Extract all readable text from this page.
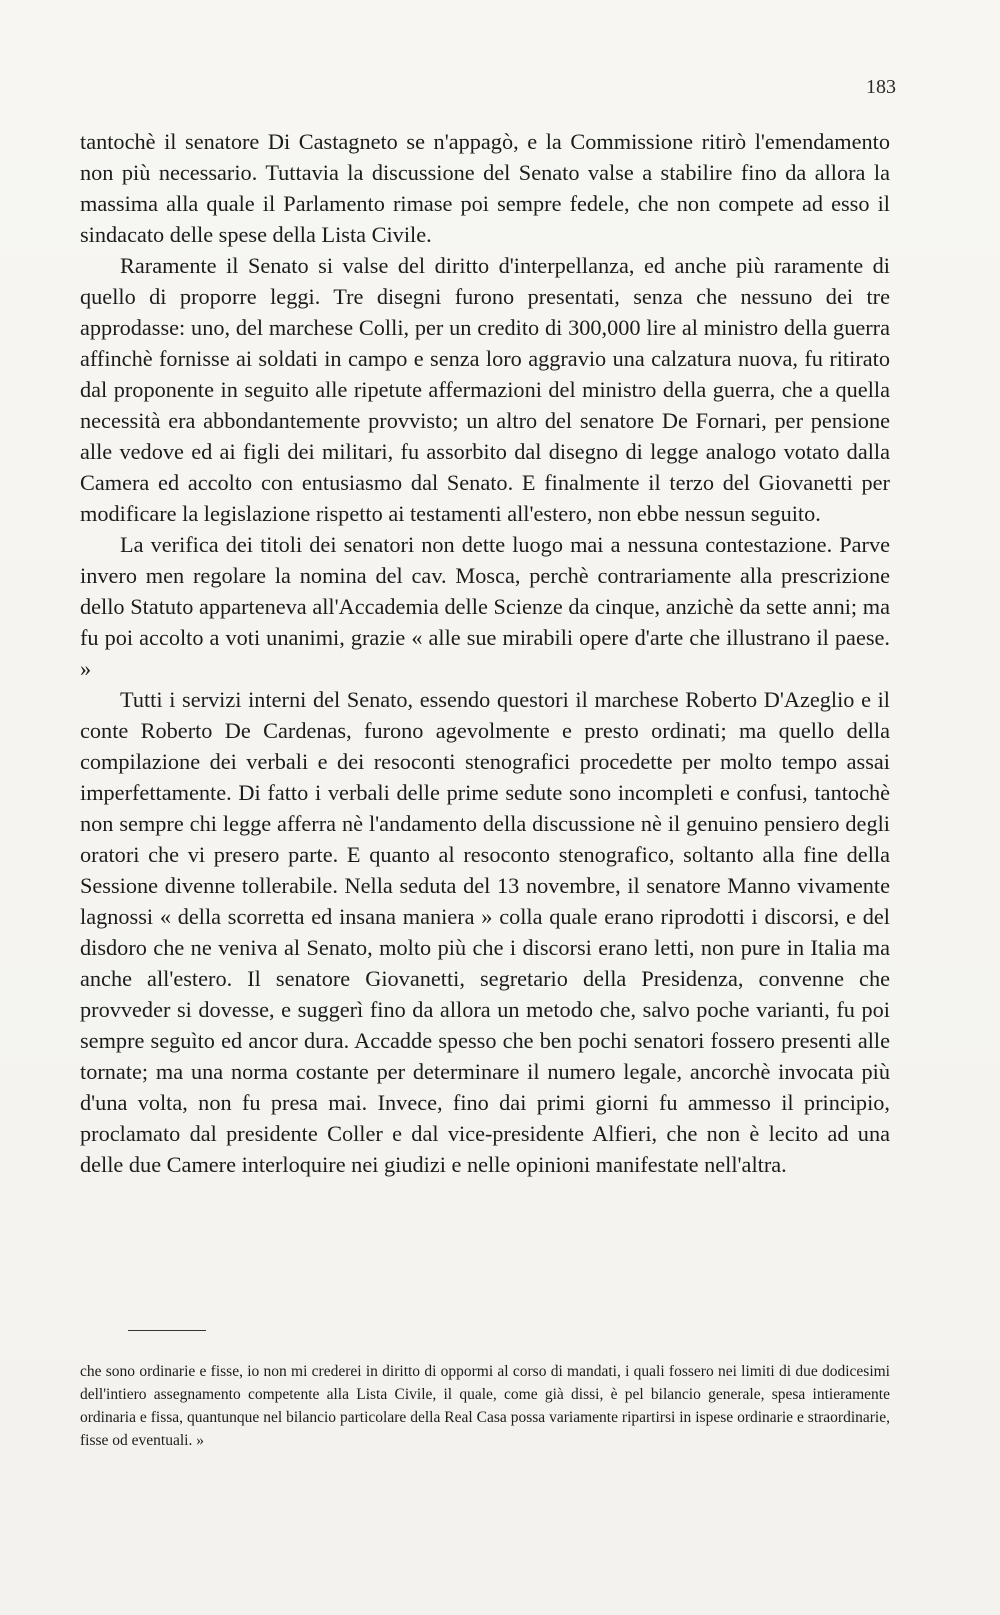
183

tantochè il senatore Di Castagneto se n'appagò, e la Commissione ritirò l'emendamento non più necessario. Tuttavia la discussione del Senato valse a stabilire fino da allora la massima alla quale il Parlamento rimase poi sempre fedele, che non compete ad esso il sindacato delle spese della Lista Civile.

Raramente il Senato si valse del diritto d'interpellanza, ed anche più raramente di quello di proporre leggi. Tre disegni furono presentati, senza che nessuno dei tre approdasse: uno, del marchese Colli, per un credito di 300,000 lire al ministro della guerra affinchè fornisse ai soldati in campo e senza loro aggravio una calzatura nuova, fu ritirato dal proponente in seguito alle ripetute affermazioni del ministro della guerra, che a quella necessità era abbondantemente provvisto; un altro del senatore De Fornari, per pensione alle vedove ed ai figli dei militari, fu assorbito dal disegno di legge analogo votato dalla Camera ed accolto con entusiasmo dal Senato. E finalmente il terzo del Giovanetti per modificare la legislazione rispetto ai testamenti all'estero, non ebbe nessun seguito.

La verifica dei titoli dei senatori non dette luogo mai a nessuna contestazione. Parve invero men regolare la nomina del cav. Mosca, perchè contrariamente alla prescrizione dello Statuto apparteneva all'Accademia delle Scienze da cinque, anzichè da sette anni; ma fu poi accolto a voti unanimi, grazie « alle sue mirabili opere d'arte che illustrano il paese. »

Tutti i servizi interni del Senato, essendo questori il marchese Roberto D'Azeglio e il conte Roberto De Cardenas, furono agevolmente e presto ordinati; ma quello della compilazione dei verbali e dei resoconti stenografici procedette per molto tempo assai imperfettamente. Di fatto i verbali delle prime sedute sono incompleti e confusi, tantochè non sempre chi legge afferra nè l'andamento della discussione nè il genuino pensiero degli oratori che vi presero parte. E quanto al resoconto stenografico, soltanto alla fine della Sessione divenne tollerabile. Nella seduta del 13 novembre, il senatore Manno vivamente lagnossi « della scorretta ed insana maniera » colla quale erano riprodotti i discorsi, e del disdoro che ne veniva al Senato, molto più che i discorsi erano letti, non pure in Italia ma anche all'estero. Il senatore Giovanetti, segretario della Presidenza, convenne che provveder si dovesse, e suggerì fino da allora un metodo che, salvo poche varianti, fu poi sempre seguìto ed ancor dura. Accadde spesso che ben pochi senatori fossero presenti alle tornate; ma una norma costante per determinare il numero legale, ancorchè invocata più d'una volta, non fu presa mai. Invece, fino dai primi giorni fu ammesso il principio, proclamato dal presidente Coller e dal vice-presidente Alfieri, che non è lecito ad una delle due Camere interloquire nei giudizi e nelle opinioni manifestate nell'altra.

che sono ordinarie e fisse, io non mi crederei in diritto di oppormi al corso di mandati, i quali fossero nei limiti di due dodicesimi dell'intiero assegnamento competente alla Lista Civile, il quale, come già dissi, è pel bilancio generale, spesa intieramente ordinaria e fissa, quantunque nel bilancio particolare della Real Casa possa variamente ripartirsi in ispese ordinarie e straordinarie, fisse od eventuali. »
